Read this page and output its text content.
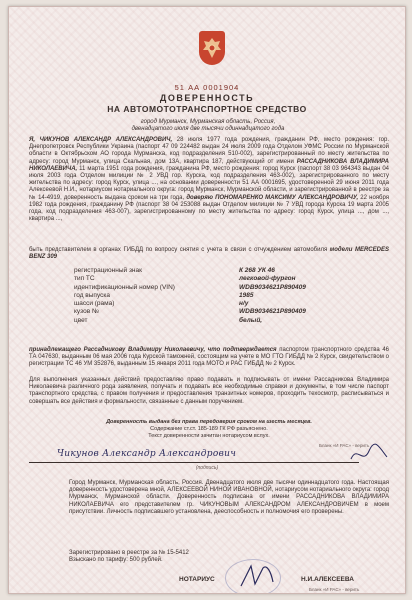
51 АА 0001904
ДОВЕРЕННОСТЬ
НА АВТОМОТОТРАНСПОРТНОЕ СРЕДСТВО
город Мурманск, Мурманская область, Россия,
двенадцатого июля две тысячи одиннадцатого года
Я, ЧИКУНОВ АЛЕКСАНДР АЛЕКСАНДРОВИЧ, 28 июля 1977 года рождения, гражданин РФ, место рождения: гор. Днепропетровск Республики Украина (паспорт 47 09 224482 выдан 24 июля 2009 года Отделом УФМС России по Мурманской области в Октябрьском АО города Мурманска, код подразделения 510-002), зарегистрированный по месту жительства по адресу: город Мурманск, улица Скальная, дом 13А, квартира 187, действующий от имени РАССАДНИКОВА ВЛАДИМИРА НИКОЛАЕВИЧА, 11 марта 1951 года рождения, гражданина РФ, место рождения: город Курск (паспорт 38 03 964343 выдан 04 июля 2003 года Отделом милиции № 2 УВД гор. Курска, код подразделения 463-002), зарегистрированного по месту жительства по адресу: город Курск, улица ..., на основании доверенности 51 АА 0001695, удостоверенной 29 июня 2011 года Алексеевой Н.И., нотариусом нотариального округа: город Мурманск, Мурманской области, и зарегистрированной в реестре за № 14-4919, доверенность выдана сроком на три года, доверяю ПОНОМАРЕНКО МАКСИМУ АЛЕКСАНДРОВИЧУ, 22 ноября 1982 года рождения, гражданину РФ (паспорт 38 04 253088 выдан Отделом милиции № 7 УВД города Курска 19 марта 2005 года, код подразделения 463-007), зарегистрированному по месту жительства по адресу: город Курск, улица ..., дом ..., квартира ...,
быть представителем в органах ГИБДД по вопросу снятия с учета в связи с отчуждением автомобиля модели MERCEDES BENZ 309
регистрационный знак	К 268 УК 46
тип ТС	легковой-фургон
идентификационный номер (VIN)	WDB9034621P890409
год выпуска	1985
шасси (рама)	н/у
кузов №	WDB9034621P890409
цвет	белый,
принадлежащего Рассадникову Владимиру Николаевичу, что подтверждается паспортом транспортного средства 46 ТА 047630, выданным 06 мая 2006 года Курской таможней, состоящим на учете в МО ГТО ГИБДД № 2 Курск, свидетельством о регистрации ТС 46 УМ 352876, выданным 15 января 2011 года МОТО и РАС ГИБДД № 2 Курск.
Для выполнения указанных действий предоставляю право подавать и подписывать от имени Рассадникова Владимира Николаевича различного рода заявления, получать и подавать все необходимые справки и документы, в том числе паспорт транспортного средства, с правом получения и предоставления транзитных номеров, проходить техосмотр, расписываться и совершать все действия и формальности, связанные с данным поручением.
Доверенность выдана без права передоверия сроком на шесть месяцев.
Содержание ст.ст. 185-189 ГК РФ разъяснено.
Текст доверенности зачитан нотариусом вслух.
Бланк «И РАС» - верить
Чикунов Александр Александрович
(подпись)
Город Мурманск, Мурманская область, Россия. Двенадцатого июля две тысячи одиннадцатого года. Настоящая доверенность удостоверена мной, АЛЕКСЕЕВОЙ НИНОЙ ИВАНОВНОЙ, нотариусом нотариального округа: город Мурманск, Мурманской области. Доверенность подписана от имени РАССАДНИКОВА ВЛАДИМИРА НИКОЛАЕВИЧА его представителем гр. ЧИКУНОВЫМ АЛЕКСАНДРОМ АЛЕКСАНДРОВИЧЕМ в моем присутствии. Личность подписавшего установлена, дееспособность и полномочия его проверены.
Зарегистрировано в реестре за № 15-5412
Взыскано по тарифу: 500 рублей.
НОТАРИУС	Н.И.АЛЕКСЕЕВА
Бланк «И РАС» - верить
